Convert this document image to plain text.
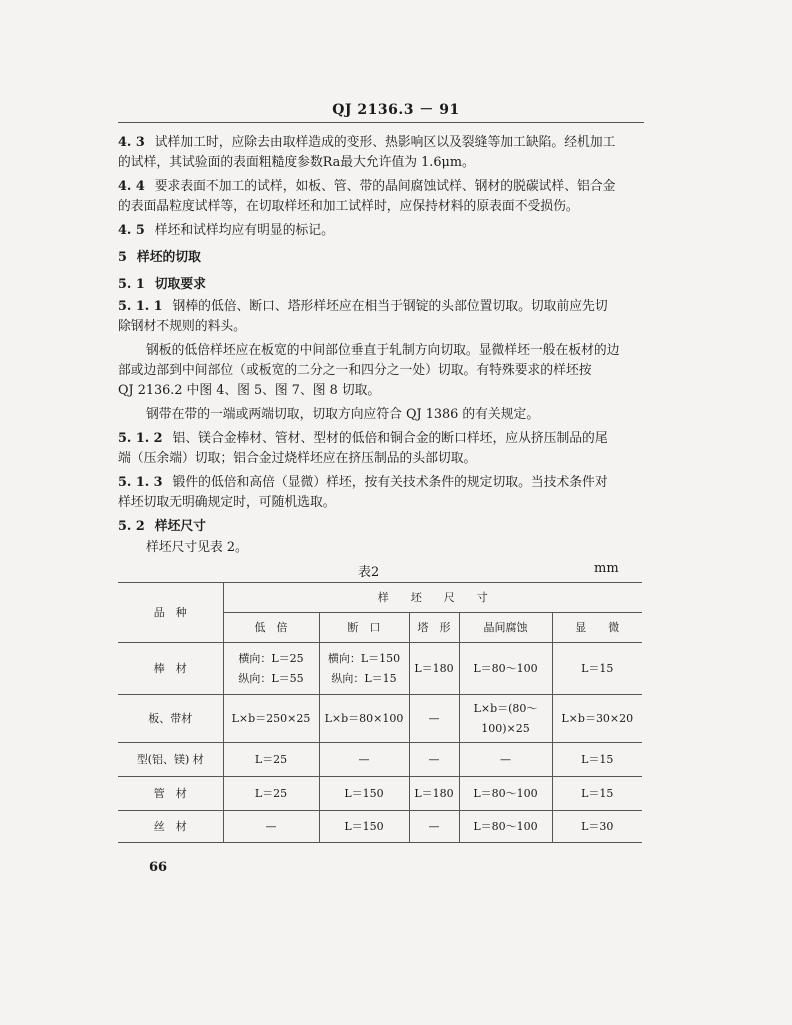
QJ 2136.3 － 91
4. 3 试样加工时，应除去由取样造成的变形、热影响区以及裂缝等加工缺陷。经机加工
的试样，其试验面的表面粗糙度参数Ra最大允许值为 1.6μm。
4. 4 要求表面不加工的试样，如板、管、带的晶间腐蚀试样、钢材的脱碳试样、铝合金
的表面晶粒度试样等，在切取样坯和加工试样时，应保持材料的原表面不受损伤。
4. 5 样坯和试样均应有明显的标记。
5 样坯的切取
5. 1 切取要求
5. 1. 1 钢棒的低倍、断口、塔形样坯应在相当于钢锭的头部位置切取。切取前应先切
除钢材不规则的料头。
钢板的低倍样坯应在板宽的中间部位垂直于轧制方向切取。显微样坯一般在板材的边
部或边部到中间部位（或板宽的二分之一和四分之一处）切取。有特殊要求的样坯按
QJ 2136.2 中图 4、图 5、图 7、图 8 切取。
钢带在带的一端或两端切取，切取方向应符合 QJ 1386 的有关规定。
5. 1. 2 铝、镁合金棒材、管材、型材的低倍和铜合金的断口样坯，应从挤压制品的尾
端（压余端）切取；铝合金过烧样坯应在挤压制品的头部切取。
5. 1. 3 锻件的低倍和高倍（显微）样坯，按有关技术条件的规定切取。当技术条件对
样坯切取无明确规定时，可随机选取。
5. 2 样坯尺寸
样坯尺寸见表 2。
表2	mm
品　种	样　　坯　　尺　　寸				
	低　倍	断　口	塔　形	晶间腐蚀	显　　微
棒　材	横向：L＝25
纵向：L＝55	横向：L＝150
纵向：L＝15	L＝180	L＝80～100	L＝15
板、带材	L×b＝250×25	L×b＝80×100	—	L×b＝(80～
100)×25	L×b＝30×20
型(铝、镁) 材	L＝25	—	—	—	L＝15
管　材	L＝25	L＝150	L＝180	L＝80～100	L＝15
丝　材	—	L＝150	—	L＝80～100	L＝30
66
